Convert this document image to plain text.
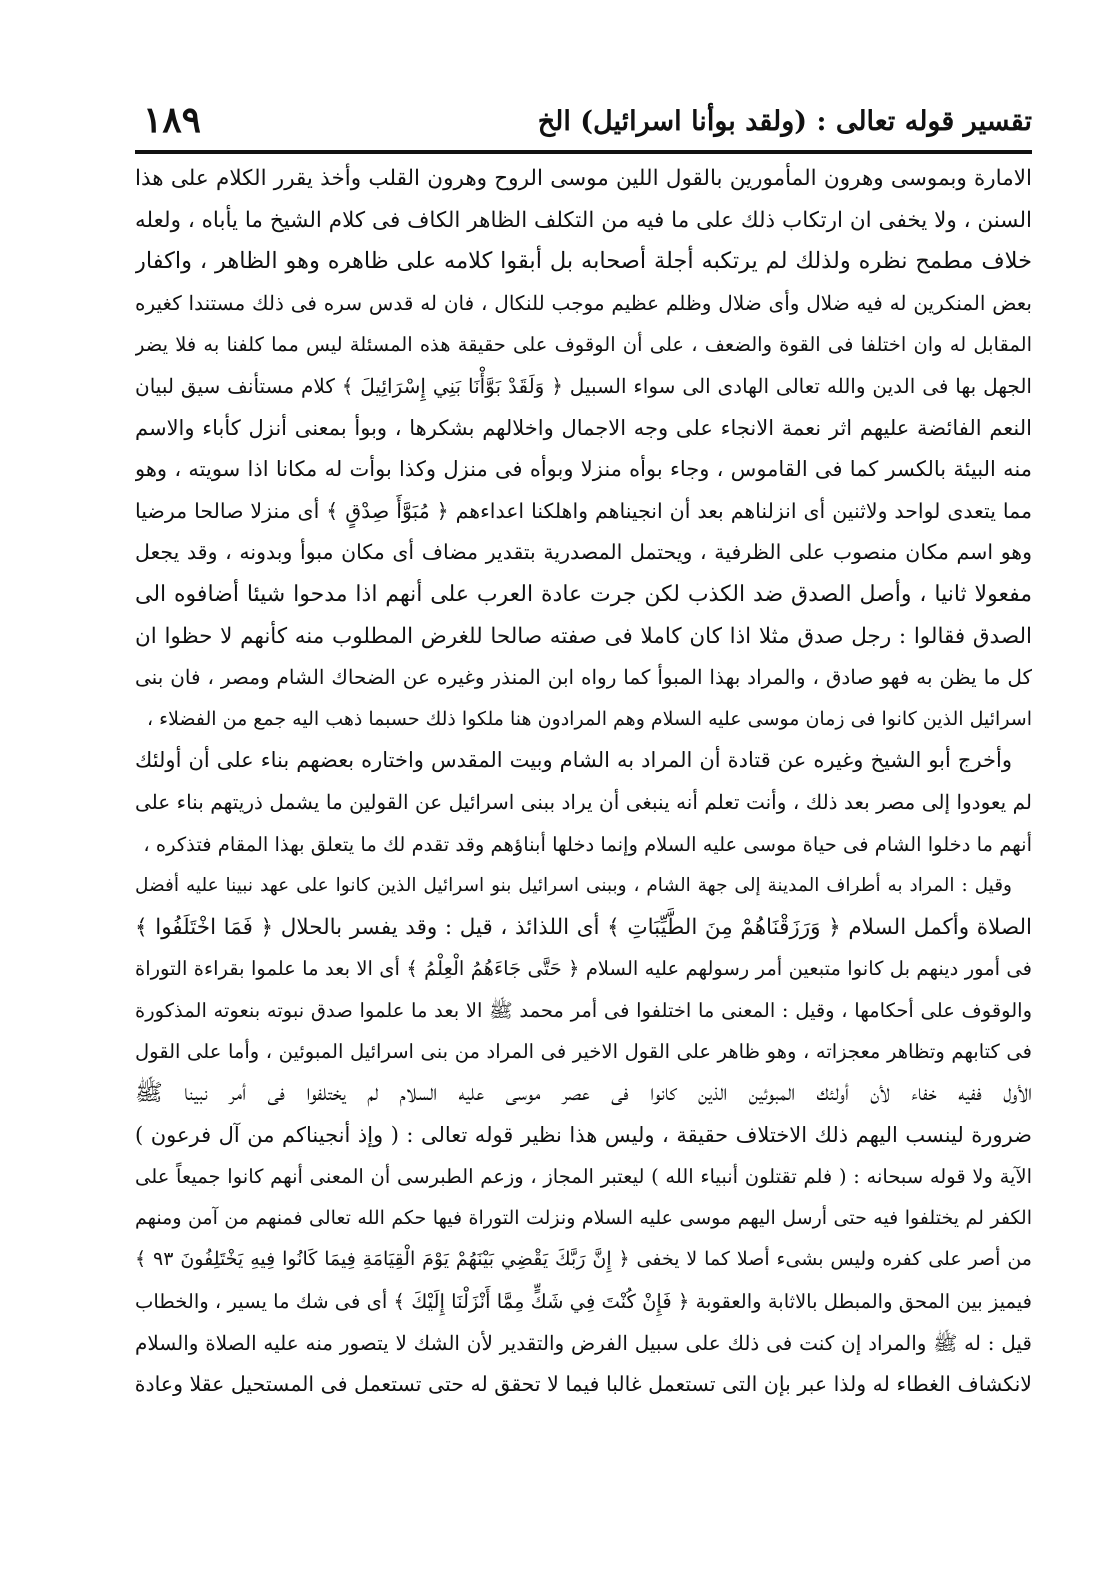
تقسير قوله تعالى : (ولقد بوأنا اسرائيل) الخ
١٨٩
الامارة وبموسى وهرون المأمورين بالقول اللين موسى الروح وهرون القلب وأخذ يقرر الكلام على هذا
السنن ، ولا يخفى ان ارتكاب ذلك على ما فيه من التكلف الظاهر الكاف فى كلام الشيخ ما يأباه ، ولعله
خلاف مطمح نظره ولذلك لم يرتكبه أجلة أصحابه بل أبقوا كلامه على ظاهره وهو الظاهر ، واكفار
بعض المنكرين له فيه ضلال وأى ضلال وظلم عظيم موجب للنكال ، فان له قدس سره فى ذلك مستندا كغيره
المقابل له وان اختلفا فى القوة والضعف ، على أن الوقوف على حقيقة هذه المسئلة ليس مما كلفنا به فلا يضر
الجهل بها فى الدين والله تعالى الهادى الى سواء السبيل ﴿ وَلَقَدْ بَوَّأْنَا بَنِي إِسْرَائِيلَ ﴾ كلام مستأنف سيق لبيان
النعم الفائضة عليهم اثر نعمة الانجاء على وجه الاجمال واخلالهم بشكرها ، وبوأ بمعنى أنزل كأباء والاسم
منه البيئة بالكسر كما فى القاموس ، وجاء بوأه منزلا وبوأه فى منزل وكذا بوأت له مكانا اذا سويته ، وهو
مما يتعدى لواحد ولاثنين أى انزلناهم بعد أن انجيناهم واهلكنا اعداءهم ﴿ مُبَوَّأَ صِدْقٍ ﴾ أى منزلا صالحا مرضيا
وهو اسم مكان منصوب على الظرفية ، ويحتمل المصدرية بتقدير مضاف أى مكان مبوأ وبدونه ، وقد يجعل
مفعولا ثانيا ، وأصل الصدق ضد الكذب لكن جرت عادة العرب على أنهم اذا مدحوا شيئا أضافوه الى
الصدق فقالوا : رجل صدق مثلا اذا كان كاملا فى صفته صالحا للغرض المطلوب منه كأنهم لا حظوا ان
كل ما يظن به فهو صادق ، والمراد بهذا المبوأ كما رواه ابن المنذر وغيره عن الضحاك الشام ومصر ، فان بنى
اسرائيل الذين كانوا فى زمان موسى عليه السلام وهم المرادون هنا ملكوا ذلك حسبما ذهب اليه جمع من الفضلاء ،
وأخرج أبو الشيخ وغيره عن قتادة أن المراد به الشام وبيت المقدس واختاره بعضهم بناء على أن أولئك
لم يعودوا إلى مصر بعد ذلك ، وأنت تعلم أنه ينبغى أن يراد ببنى اسرائيل عن القولين ما يشمل ذريتهم بناء على
أنهم ما دخلوا الشام فى حياة موسى عليه السلام وإنما دخلها أبناؤهم وقد تقدم لك ما يتعلق بهذا المقام فتذكره ،
وقيل : المراد به أطراف المدينة إلى جهة الشام ، وببنى اسرائيل بنو اسرائيل الذين كانوا على عهد نبينا عليه أفضل
الصلاة وأكمل السلام ﴿ وَرَزَقْنَاهُمْ مِنَ الطَّيِّبَاتِ ﴾ أى اللذائذ ، قيل : وقد يفسر بالحلال ﴿ فَمَا اخْتَلَفُوا ﴾
فى أمور دينهم بل كانوا متبعين أمر رسولهم عليه السلام ﴿ حَتَّى جَاءَهُمُ الْعِلْمُ ﴾ أى الا بعد ما علموا بقراءة التوراة
والوقوف على أحكامها ، وقيل : المعنى ما اختلفوا فى أمر محمد ﷺ الا بعد ما علموا صدق نبوته بنعوته المذكورة
فى كتابهم وتظاهر معجزاته ، وهو ظاهر على القول الاخير فى المراد من بنى اسرائيل المبوئين ، وأما على القول
الأول ففيه خفاء لأن أولئك المبوئين الذين كانوا فى عصر موسى عليه السلام لم يختلفوا فى أمر نبينا ﷺ
ضرورة لينسب اليهم ذلك الاختلاف حقيقة ، وليس هذا نظير قوله تعالى : ( وإذ أنجيناكم من آل فرعون )
الآية ولا قوله سبحانه : ( فلم تقتلون أنبياء الله ) ليعتبر المجاز ، وزعم الطبرسى أن المعنى أنهم كانوا جميعاً على
الكفر لم يختلفوا فيه حتى أرسل اليهم موسى عليه السلام ونزلت التوراة فيها حكم الله تعالى فمنهم من آمن ومنهم
من أصر على كفره وليس بشىء أصلا كما لا يخفى ﴿ إِنَّ رَبَّكَ يَقْضِي بَيْنَهُمْ يَوْمَ الْقِيَامَةِ فِيمَا كَانُوا فِيهِ يَخْتَلِفُونَ ٩٣ ﴾
فيميز بين المحق والمبطل بالاثابة والعقوبة ﴿ فَإِنْ كُنْتَ فِي شَكٍّ مِمَّا أَنْزَلْنَا إِلَيْكَ ﴾ أى فى شك ما يسير ، والخطاب
قيل : له ﷺ والمراد إن كنت فى ذلك على سبيل الفرض والتقدير لأن الشك لا يتصور منه عليه الصلاة والسلام
لانكشاف الغطاء له ولذا عبر بإن التى تستعمل غالبا فيما لا تحقق له حتى تستعمل فى المستحيل عقلا وعادة
